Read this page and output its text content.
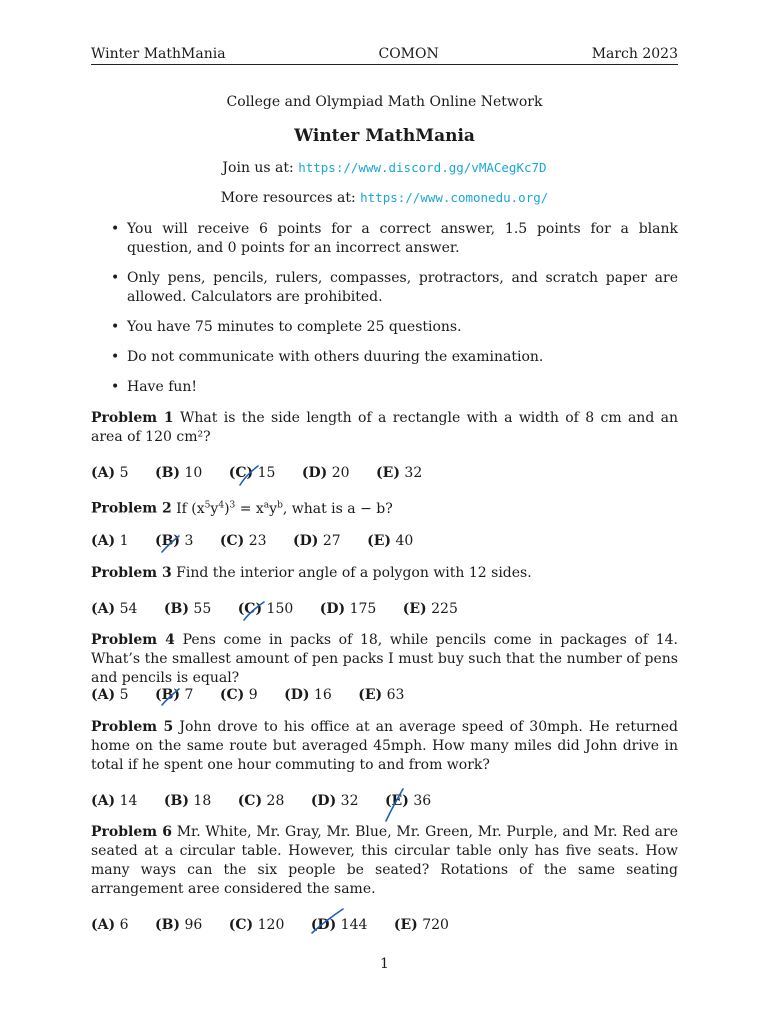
Winter MathMania	COMON	March 2023
College and Olympiad Math Online Network
Winter MathMania
Join us at: https://www.discord.gg/vMACegKc7D
More resources at: https://www.comonedu.org/
• You will receive 6 points for a correct answer, 1.5 points for a blank question, and 0 points for an incorrect answer.
• Only pens, pencils, rulers, compasses, protractors, and scratch paper are allowed. Calculators are prohibited.
• You have 75 minutes to complete 25 questions.
• Do not communicate with others duuring the examination.
• Have fun!
Problem 1 What is the side length of a rectangle with a width of 8 cm and an area of 120 cm²?
(A) 5 (B) 10 (C) 15 (D) 20 (E) 32
Problem 2 If $(x^5y^4)^3 = x^ay^b$, what is a − b?
(A) 1 (B) 3 (C) 23 (D) 27 (E) 40
Problem 3 Find the interior angle of a polygon with 12 sides.
(A) 54 (B) 55 (C) 150 (D) 175 (E) 225
Problem 4 Pens come in packs of 18, while pencils come in packages of 14. What’s the smallest amount of pen packs I must buy such that the number of pens and pencils is equal?
(A) 5 (B) 7 (C) 9 (D) 16 (E) 63
Problem 5 John drove to his office at an average speed of 30mph. He returned home on the same route but averaged 45mph. How many miles did John drive in total if he spent one hour commuting to and from work?
(A) 14 (B) 18 (C) 28 (D) 32 (E) 36
Problem 6 Mr. White, Mr. Gray, Mr. Blue, Mr. Green, Mr. Purple, and Mr. Red are seated at a circular table. However, this circular table only has five seats. How many ways can the six people be seated? Rotations of the same seating arrangement aree considered the same.
(A) 6 (B) 96 (C) 120 (D) 144 (E) 720
1
